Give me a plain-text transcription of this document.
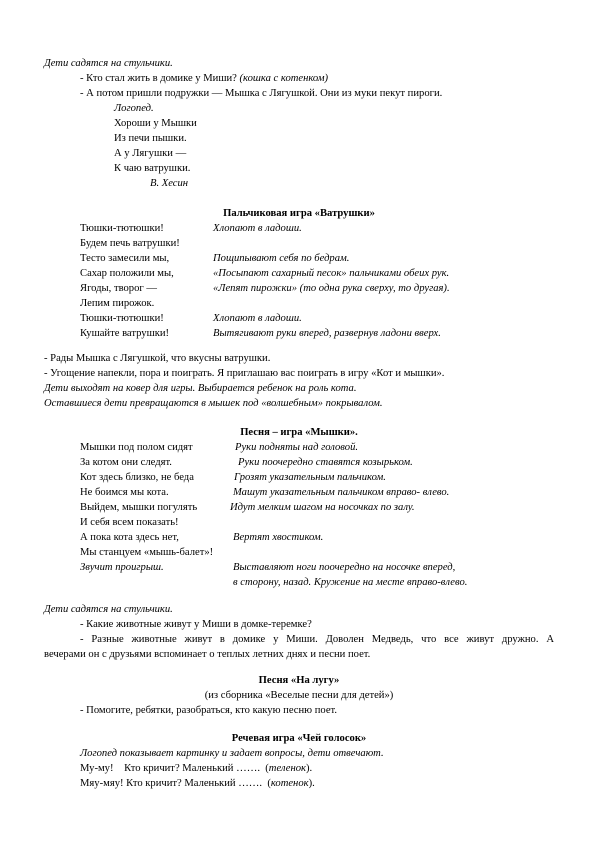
Дети садятся на стульчики.
- Кто стал жить в домике у Миши? (кошка с котенком)
- А потом пришли подружки — Мышка с Лягушкой. Они из муки пекут пироги.
Логопед.
Хороши у Мышки
Из печи пышки.
А у Лягушки —
К чаю ватрушки.
В. Хесин
Пальчиковая игра «Ватрушки»
Тюшки-тютюшки!	Хлопают в ладоши.
Будем печь ватрушки!
Тесто замесили мы,	Пощипывают себя по бедрам.
Сахар положили мы,	«Посыпают сахарный песок» пальчиками обеих рук.
Ягоды, творог —	«Лепят пирожки» (то одна рука сверху, то другая).
Лепим пирожок.
Тюшки-тютюшки!	Хлопают в ладоши.
Кушайте ватрушки!	Вытягивают руки вперед, развернув ладони вверх.
- Рады Мышка с Лягушкой, что вкусны ватрушки.
- Угощение напекли, пора и поиграть. Я приглашаю вас поиграть в игру «Кот и мышки».
Дети выходят на ковер для игры. Выбирается ребенок на роль кота.
Оставшиеся дети превращаются в мышек под «волшебным» покрывалом.
Песня – игра «Мышки».
Мышки под полом сидят	Руки подняты над головой.
За котом они следят.	Руки поочередно ставятся козырьком.
Кот здесь близко, не беда	Грозят указательным пальчиком.
Не боимся мы кота.	Машут указательным пальчиком вправо- влево.
Выйдем, мышки погулять	Идут мелким шагом на носочках по залу.
И себя всем показать!
А пока кота здесь нет,	Вертят хвостиком.
Мы станцуем «мышь-балет»!
Звучит проигрыш.	Выставляют ноги поочередно на носочке вперед,
в сторону, назад. Кружение на месте вправо-влево.
Дети садятся на стульчики.
- Какие животные живут у Миши в домке-теремке?
- Разные животные живут в домике у Миши. Доволен Медведь, что все живут дружно. А
вечерами он с друзьями вспоминает о теплых летних днях и песни поет.
Песня «На лугу»
(из сборника «Веселые песни для детей»)
- Помогите, ребятки, разобраться, кто какую песню поет.
Речевая игра «Чей голосок»
Логопед показывает картинку и задает вопросы, дети отвечают.
Му-му!    Кто кричит? Маленький …….  (теленок).
Мяу-мяу! Кто кричит? Маленький …….  (котенок).
